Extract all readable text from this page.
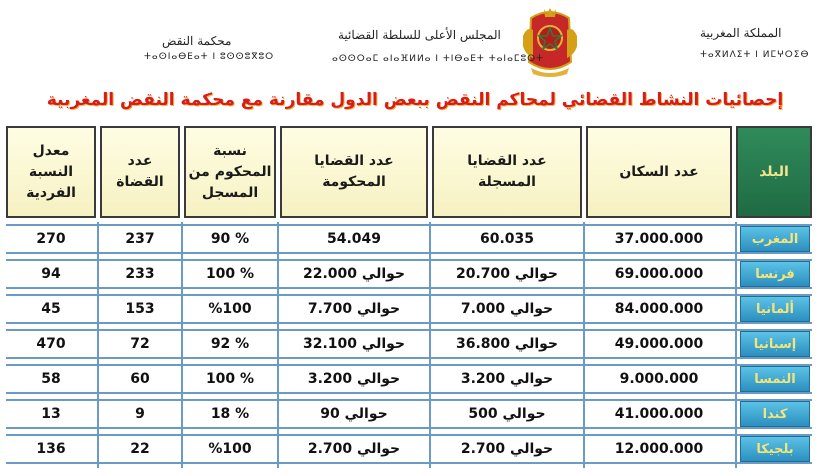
المملكة المغربية
ⵜⴰⴳⵍⴷⵉⵜ ⵏ ⵍⵎⵖⵔⵉⴱ
المجلس الأعلى للسلطة القضائية
ⴰⵙⵙⵔⴰⵎ ⴰⵏⴰⴼⵍⵍⴰ ⵏ ⵜⵏⴱⴰⴹⵜ ⵜⴰⵏⴰⵎⵓⵔⵜ
محكمة النقض
ⵜⴰⵙⵏⴰⴱⴹⴰⵜ ⵏ ⵓⵙⵙⵓⴳⵓⵔ
إحصائيات النشاط القضائي لمحاكم النقض ببعض الدول مقارنة مع محكمة النقض المغربية
البلد
عدد السكان
عدد القضايا المسجلة
عدد القضايا المحكومة
نسبة المحكوم من المسجل
عدد القضاة
معدل النسبة الفردية
المغرب
37.000.000
60.035
54.049
% 90
237
270
فرنسا
69.000.000
حوالي 20.700
حوالي 22.000
% 100
233
94
ألمانيا
84.000.000
حوالي 7.000
حوالي 7.700
%100
153
45
إسبانيا
49.000.000
حوالي 36.800
حوالي 32.100
% 92
72
470
النمسا
9.000.000
حوالي 3.200
حوالي 3.200
% 100
60
58
كندا
41.000.000
حوالي 500
حوالي 90
% 18
9
13
بلجيكا
12.000.000
حوالي 2.700
حوالي 2.700
%100
22
136
